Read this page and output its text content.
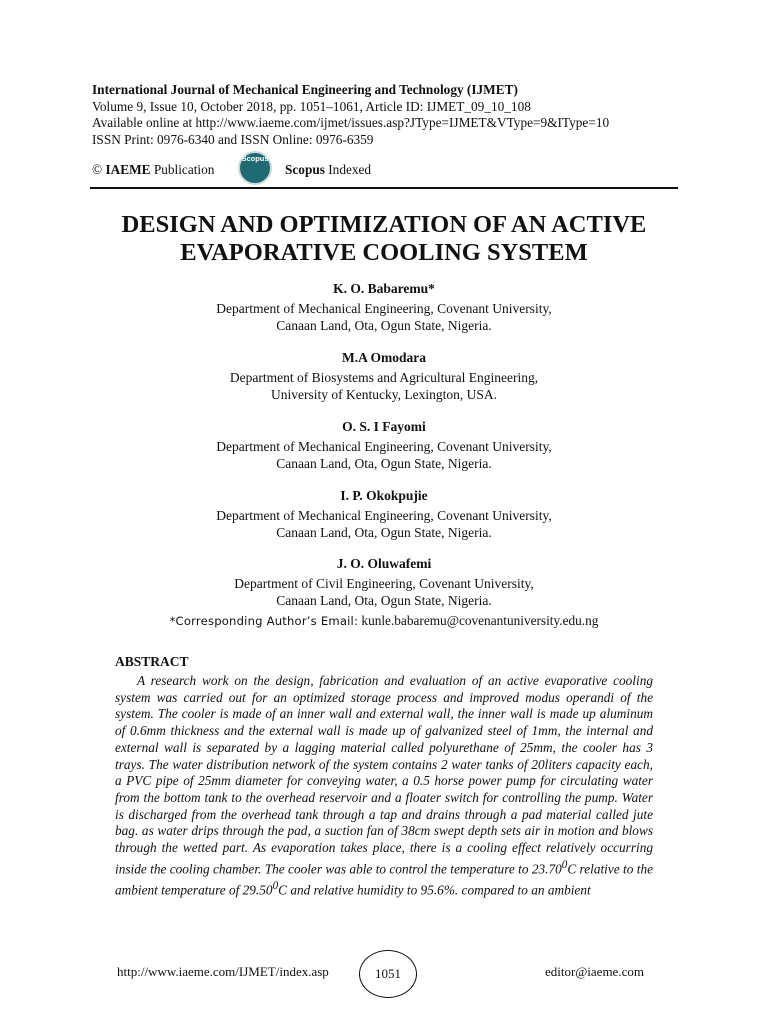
International Journal of Mechanical Engineering and Technology (IJMET)
Volume 9, Issue 10, October 2018, pp. 1051–1061, Article ID: IJMET_09_10_108
Available online at http://www.iaeme.com/ijmet/issues.asp?JType=IJMET&VType=9&IType=10
ISSN Print: 0976-6340 and ISSN Online: 0976-6359
© IAEME Publication
Scopus
Scopus Indexed
DESIGN AND OPTIMIZATION OF AN ACTIVE
EVAPORATIVE COOLING SYSTEM
K. O. Babaremu*
Department of Mechanical Engineering, Covenant University,
Canaan Land, Ota, Ogun State, Nigeria.
M.A Omodara
Department of Biosystems and Agricultural Engineering,
University of Kentucky, Lexington, USA.
O. S. I Fayomi
Department of Mechanical Engineering, Covenant University,
Canaan Land, Ota, Ogun State, Nigeria.
I. P. Okokpujie
Department of Mechanical Engineering, Covenant University,
Canaan Land, Ota, Ogun State, Nigeria.
J. O. Oluwafemi
Department of Civil Engineering, Covenant University,
Canaan Land, Ota, Ogun State, Nigeria.
*Corresponding Author’s Email: kunle.babaremu@covenantuniversity.edu.ng
ABSTRACT

A research work on the design, fabrication and evaluation of an active evaporative cooling system was carried out for an optimized storage process and improved modus operandi of the system. The cooler is made of an inner wall and external wall, the inner wall is made up aluminum of 0.6mm thickness and the external wall is made up of galvanized steel of 1mm, the internal and external wall is separated by a lagging material called polyurethane of 25mm, the cooler has 3 trays. The water distribution network of the system contains 2 water tanks of 20liters capacity each, a PVC pipe of 25mm diameter for conveying water, a 0.5 horse power pump for circulating water from the bottom tank to the overhead reservoir and a floater switch for controlling the pump. Water is discharged from the overhead tank through a tap and drains through a pad material called jute bag. as water drips through the pad, a suction fan of 38cm swept depth sets air in motion and blows through the wetted part. As evaporation takes place, there is a cooling effect relatively occurring inside the cooling chamber. The cooler was able to control the temperature to 23.70$^0$C relative to the ambient temperature of 29.50$^0$C and relative humidity to 95.6%. compared to an ambient

http://www.iaeme.com/IJMET/index.asp	1051	editor@iaeme.com
